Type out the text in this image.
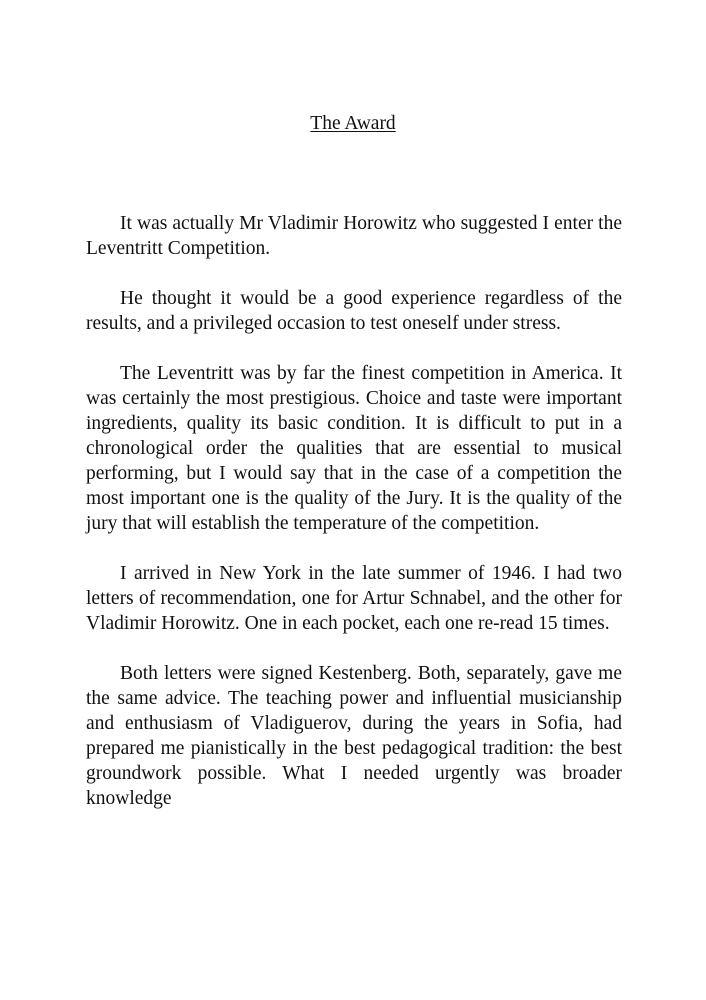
The Award

It was actually Mr Vladimir Horowitz who suggested I enter the Leventritt Competition.

He thought it would be a good experience regardless of the results, and a privileged occasion to test oneself under stress.

The Leventritt was by far the finest competition in America. It was certainly the most prestigious. Choice and taste were important ingredients, quality its basic condition. It is difficult to put in a chronological order the qualities that are essential to musical performing, but I would say that in the case of a competition the most important one is the quality of the Jury. It is the quality of the jury that will establish the temperature of the competition.

I arrived in New York in the late summer of 1946. I had two letters of recommendation, one for Artur Schnabel, and the other for Vladimir Horowitz. One in each pocket, each one re-read 15 times.

Both letters were signed Kestenberg. Both, separately, gave me the same advice. The teaching power and influential musicianship and enthusiasm of Vladiguerov, during the years in Sofia, had prepared me pianistically in the best pedagogical tradition: the best groundwork possible. What I needed urgently was broader knowledge
